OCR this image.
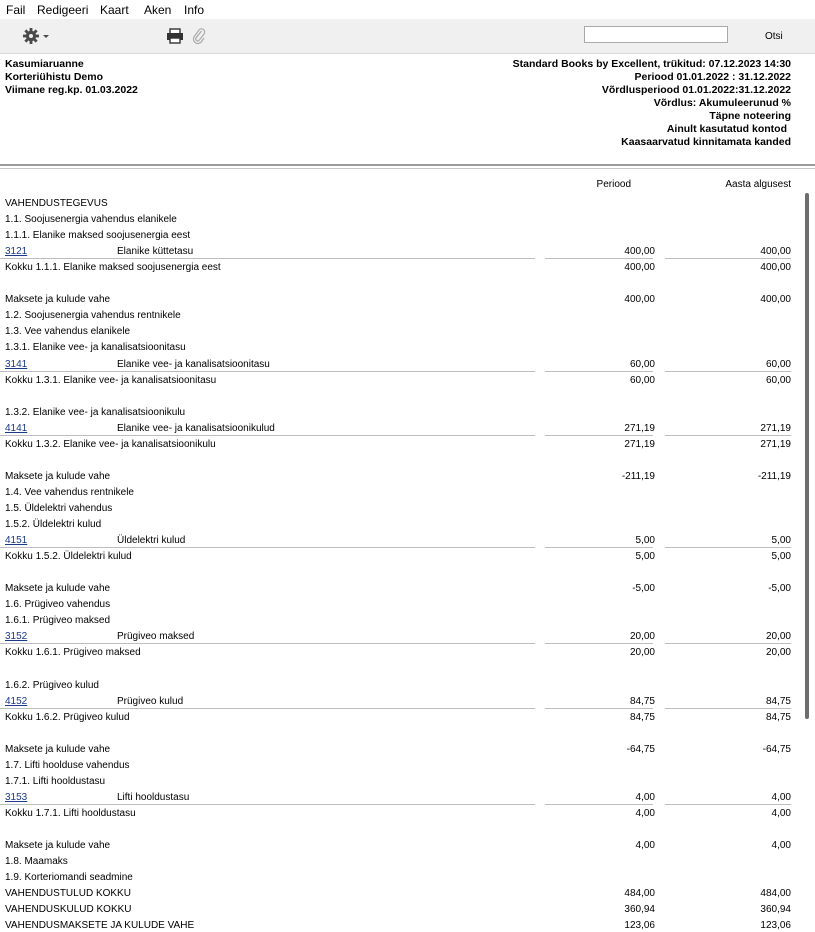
Fail Redigeeri Kaart Aken Info
Otsi
Kasumiaruanne
Korteriühistu Demo
Viimane reg.kp. 01.03.2022
Standard Books by Excellent, trükitud: 07.12.2023 14:30
Periood 01.01.2022 : 31.12.2022
Võrdlusperiood 01.01.2022:31.12.2022
Võrdlus: Akumuleerunud %
Täpne noteering
Ainult kasutatud kontod
Kaasaarvatud kinnitamata kanded
Periood	Aasta algusest
VAHENDUSTEGEVUS
1.1. Soojusenergia vahendus elanikele
1.1.1. Elanike maksed soojusenergia eest
3121	Elanike küttetasu	400,00	400,00
Kokku 1.1.1. Elanike maksed soojusenergia eest	400,00	400,00
Maksete ja kulude vahe	400,00	400,00
1.2. Soojusenergia vahendus rentnikele
1.3. Vee vahendus elanikele
1.3.1. Elanike vee- ja kanalisatsioonitasu
3141	Elanike vee- ja kanalisatsioonitasu	60,00	60,00
Kokku 1.3.1. Elanike vee- ja kanalisatsioonitasu	60,00	60,00
1.3.2. Elanike vee- ja kanalisatsioonikulu
4141	Elanike vee- ja kanalisatsioonikulud	271,19	271,19
Kokku 1.3.2. Elanike vee- ja kanalisatsioonikulu	271,19	271,19
Maksete ja kulude vahe	-211,19	-211,19
1.4. Vee vahendus rentnikele
1.5. Üldelektri vahendus
1.5.2. Üldelektri kulud
4151	Üldelektri kulud	5,00	5,00
Kokku 1.5.2. Üldelektri kulud	5,00	5,00
Maksete ja kulude vahe	-5,00	-5,00
1.6. Prügiveo vahendus
1.6.1. Prügiveo maksed
3152	Prügiveo maksed	20,00	20,00
Kokku 1.6.1. Prügiveo maksed	20,00	20,00
1.6.2. Prügiveo kulud
4152	Prügiveo kulud	84,75	84,75
Kokku 1.6.2. Prügiveo kulud	84,75	84,75
Maksete ja kulude vahe	-64,75	-64,75
1.7. Lifti hoolduse vahendus
1.7.1. Lifti hooldustasu
3153	Lifti hooldustasu	4,00	4,00
Kokku 1.7.1. Lifti hooldustasu	4,00	4,00
Maksete ja kulude vahe	4,00	4,00
1.8. Maamaks
1.9. Korteriomandi seadmine
VAHENDUSTULUD KOKKU	484,00	484,00
VAHENDUSKULUD KOKKU	360,94	360,94
VAHENDUSMAKSETE JA KULUDE VAHE	123,06	123,06
